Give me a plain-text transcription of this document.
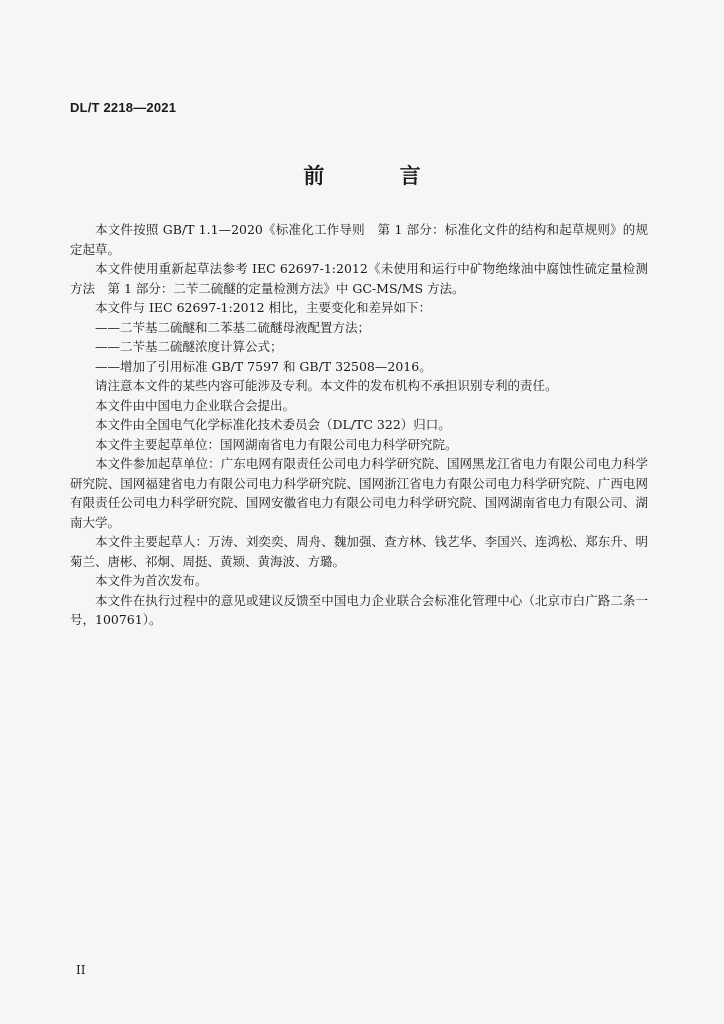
DL/T 2218—2021
前 言

本文件按照 GB/T 1.1—2020《标准化工作导则　第 1 部分：标准化文件的结构和起草规则》的规定起草。

本文件使用重新起草法参考 IEC 62697-1:2012《未使用和运行中矿物绝缘油中腐蚀性硫定量检测方法　第 1 部分：二苄二硫醚的定量检测方法》中 GC-MS/MS 方法。

本文件与 IEC 62697-1:2012 相比，主要变化和差异如下：

——二苄基二硫醚和二苯基二硫醚母液配置方法；

——二苄基二硫醚浓度计算公式；

——增加了引用标准 GB/T 7597 和 GB/T 32508—2016。

请注意本文件的某些内容可能涉及专利。本文件的发布机构不承担识别专利的责任。

本文件由中国电力企业联合会提出。

本文件由全国电气化学标准化技术委员会（DL/TC 322）归口。

本文件主要起草单位：国网湖南省电力有限公司电力科学研究院。

本文件参加起草单位：广东电网有限责任公司电力科学研究院、国网黑龙江省电力有限公司电力科学研究院、国网福建省电力有限公司电力科学研究院、国网浙江省电力有限公司电力科学研究院、广西电网有限责任公司电力科学研究院、国网安徽省电力有限公司电力科学研究院、国网湖南省电力有限公司、湖南大学。

本文件主要起草人：万涛、刘奕奕、周舟、魏加强、查方林、钱艺华、李国兴、连鸿松、郑东升、明菊兰、唐彬、祁炯、周挺、黄颎、黄海波、方璐。

本文件为首次发布。

本文件在执行过程中的意见或建议反馈至中国电力企业联合会标准化管理中心（北京市白广路二条一号，100761）。

II
